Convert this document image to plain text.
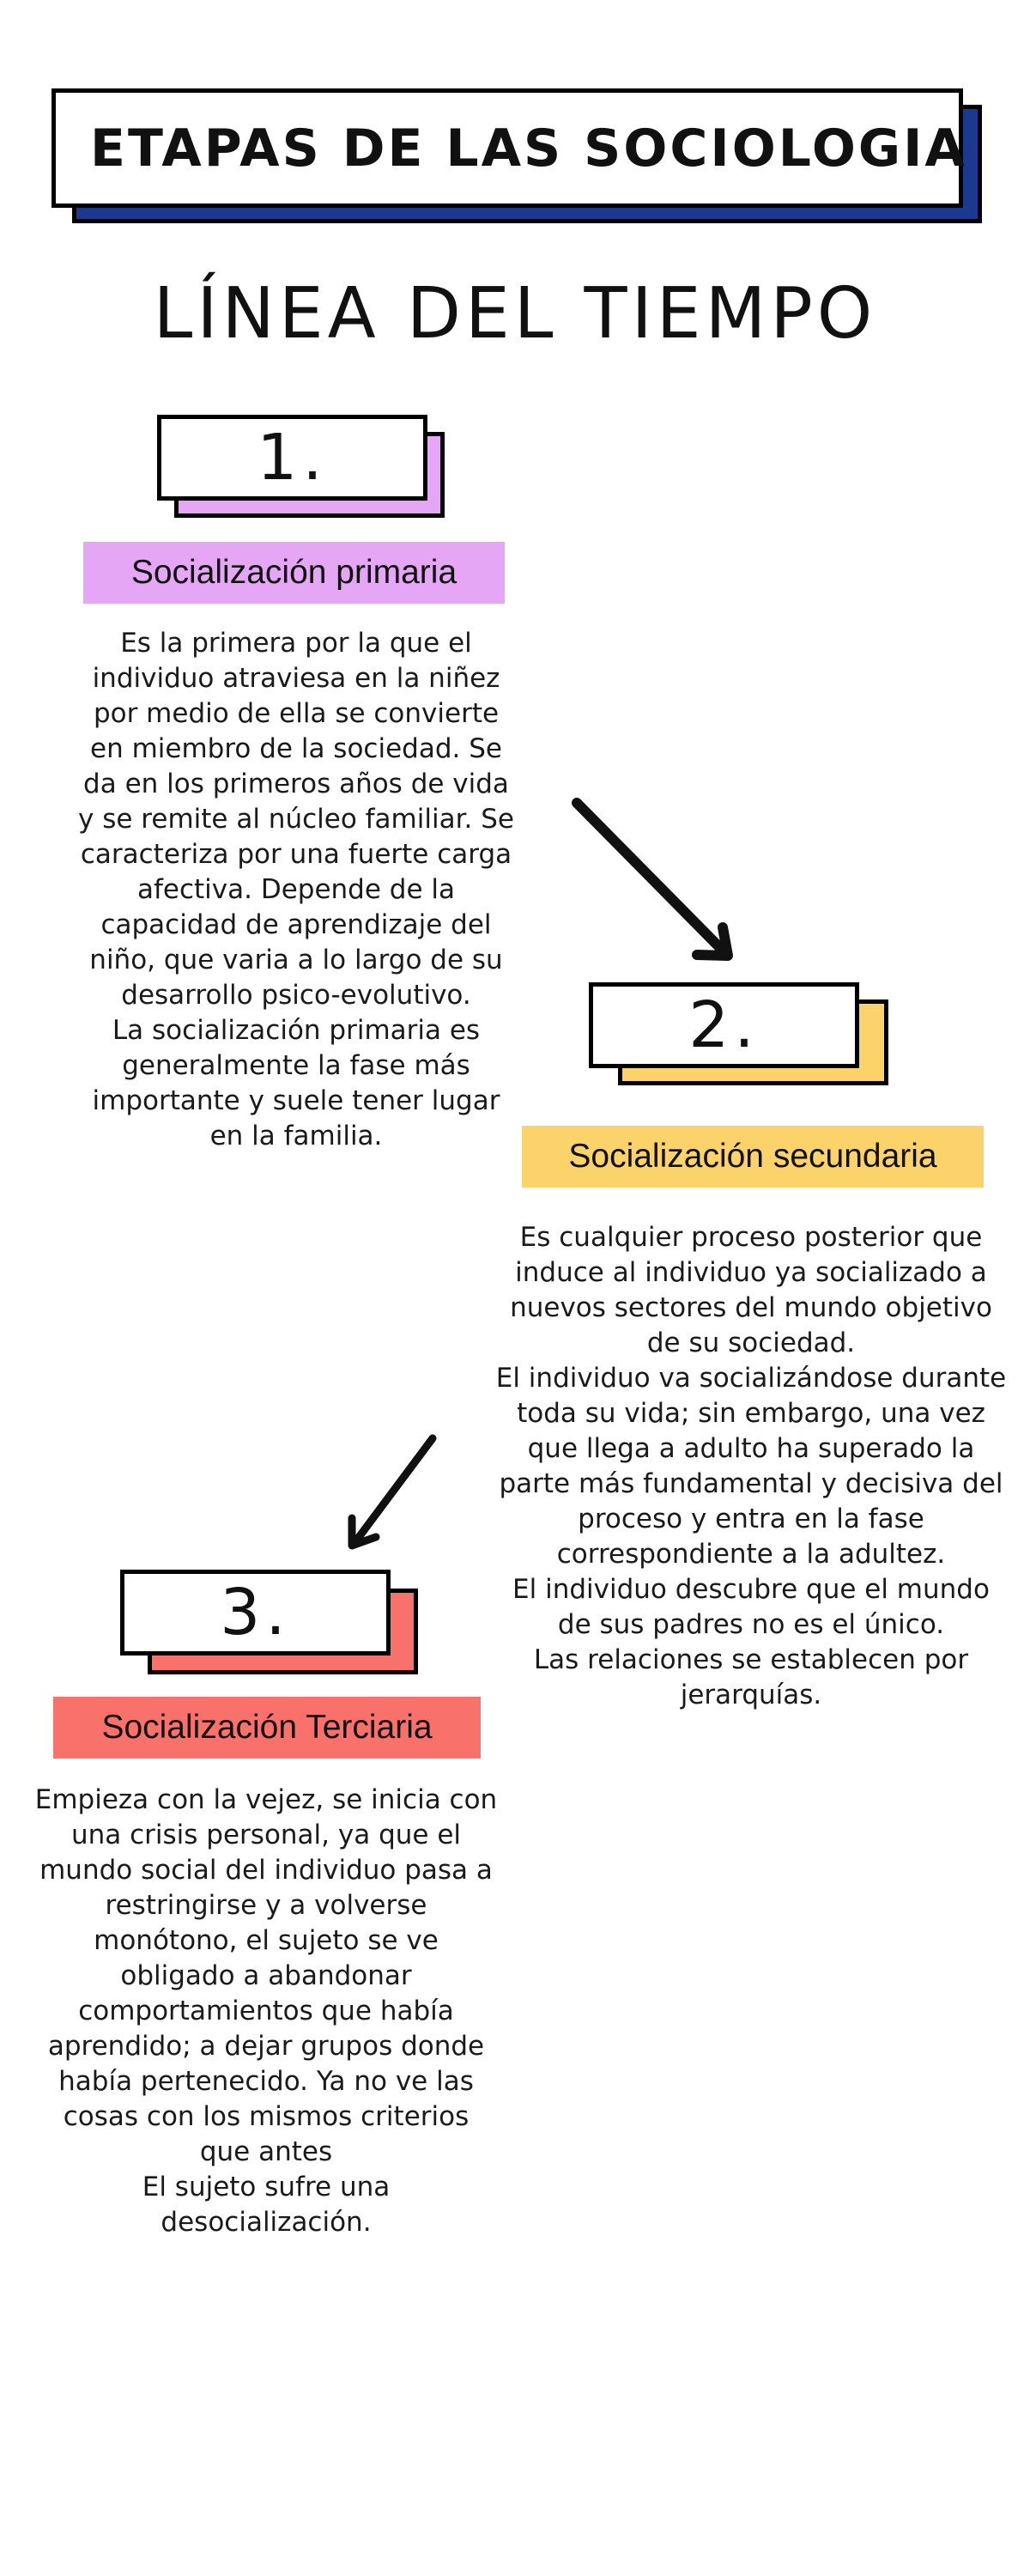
ETAPAS DE LAS SOCIOLOGIA
LÍNEA DEL TIEMPO
1.
Socialización primaria

Es la primera por la que el individuo atraviesa en la niñez por medio de ella se convierte en miembro de la sociedad. Se da en los primeros años de vida y se remite al núcleo familiar. Se caracteriza por una fuerte carga afectiva. Depende de la capacidad de aprendizaje del niño, que varia a lo largo de su desarrollo psico-evolutivo.

La socialización primaria es generalmente la fase más importante y suele tener lugar en la familia.

2.
Socialización secundaria

Es cualquier proceso posterior que induce al individuo ya socializado a nuevos sectores del mundo objetivo de su sociedad.

El individuo va socializándose durante toda su vida; sin embargo, una vez que llega a adulto ha superado la parte más fundamental y decisiva del proceso y entra en la fase correspondiente a la adultez.

El individuo descubre que el mundo de sus padres no es el único.

Las relaciones se establecen por jerarquías.

3.
Socialización Terciaria

Empieza con la vejez, se inicia con una crisis personal, ya que el mundo social del individuo pasa a restringirse y a volverse monótono, el sujeto se ve obligado a abandonar comportamientos que había aprendido; a dejar grupos donde había pertenecido. Ya no ve las cosas con los mismos criterios que antes

El sujeto sufre una desocialización.
